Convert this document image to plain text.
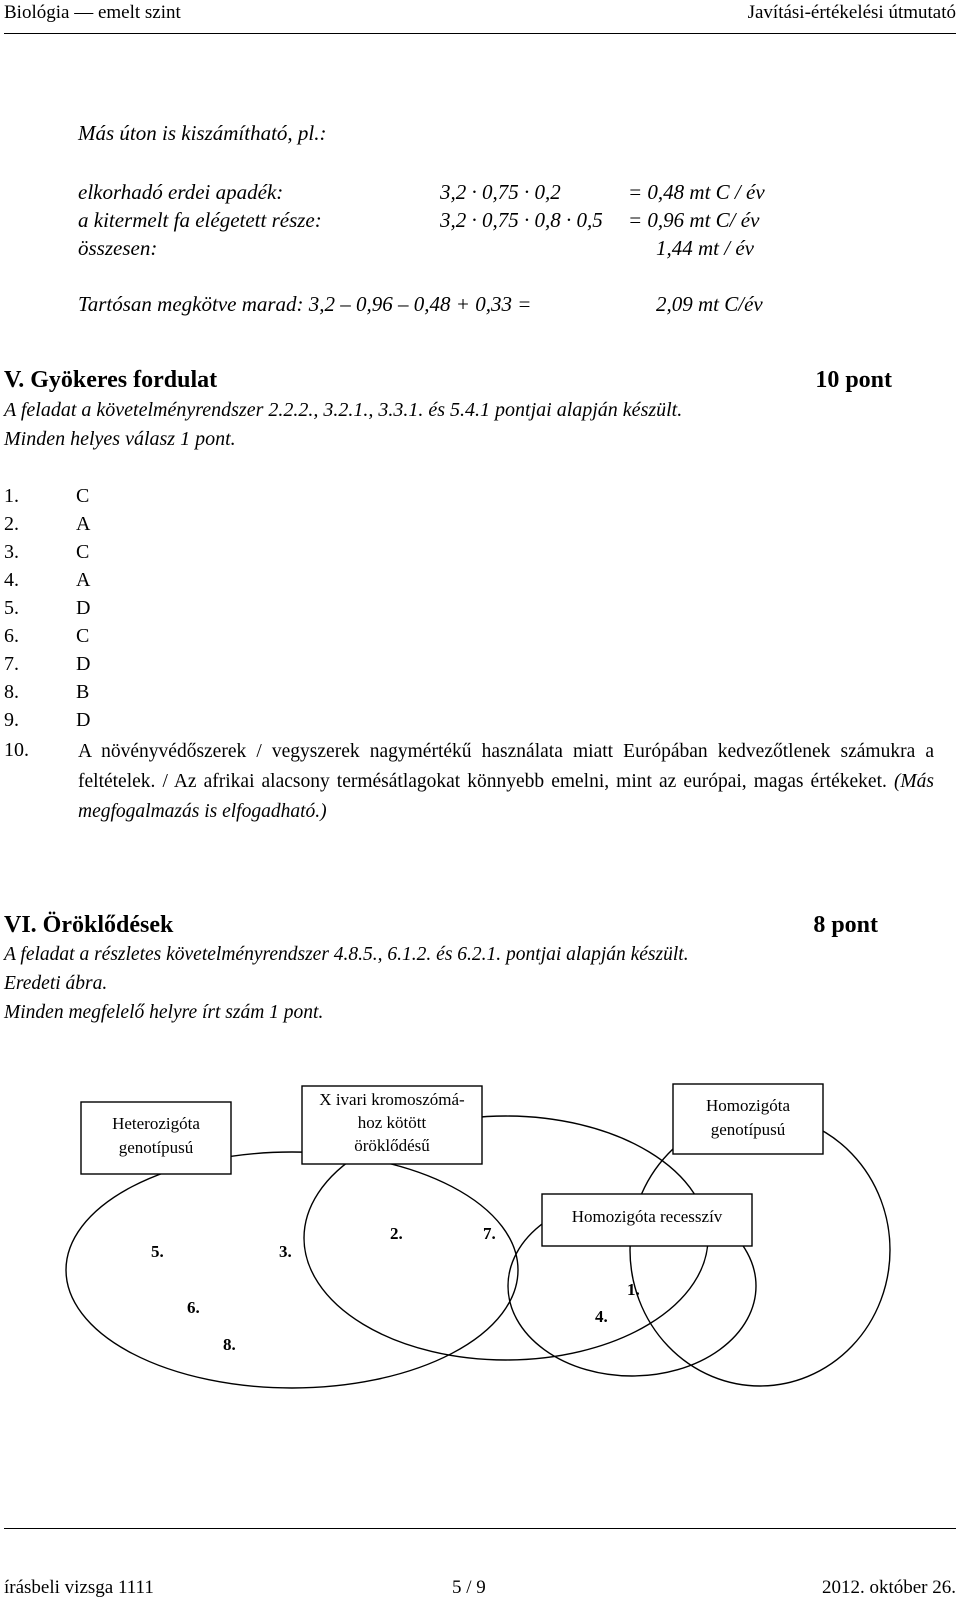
Biológia — emelt szint	Javítási-értékelési útmutató
Más úton is kiszámítható, pl.:
elkorhadó erdei apadék:	3,2 · 0,75 · 0,2	= 0,48 mt C / év
a kitermelt fa elégetett része:	3,2 · 0,75 · 0,8 · 0,5 = 0,96 mt C/ év
összesen:	1,44 mt / év
Tartósan megkötve marad: 3,2 – 0,96 – 0,48 + 0,33 =	2,09 mt C/év
V. Gyökeres fordulat	10 pont
A feladat a követelményrendszer 2.2.2., 3.2.1., 3.3.1. és 5.4.1 pontjai alapján készült.
Minden helyes válasz 1 pont.
1.	C
2.	A
3.	C
4.	A
5.	D
6.	C
7.	D
8.	B
9.	D
10.	A növényvédőszerek / vegyszerek nagymértékű használata miatt Európában kedvezőtlenek számukra a feltételek. / Az afrikai alacsony termésátlagokat könnyebb emelni, mint az európai, magas értékeket. (Más megfogalmazás is elfogadható.)
VI. Öröklődések	8 pont
A feladat a részletes követelményrendszer 4.8.5., 6.1.2. és 6.2.1. pontjai alapján készült.
Eredeti ábra.
Minden megfelelő helyre írt szám 1 pont.
Heterozigóta
genotípusú
X ivari kromoszómá-
hoz kötött
öröklődésű
Homozigóta
genotípusú
Homozigóta recesszív
5.	3.
2.	7.
6.
8.
1.
4.
írásbeli vizsga 1111	5 / 9	2012. október 26.
